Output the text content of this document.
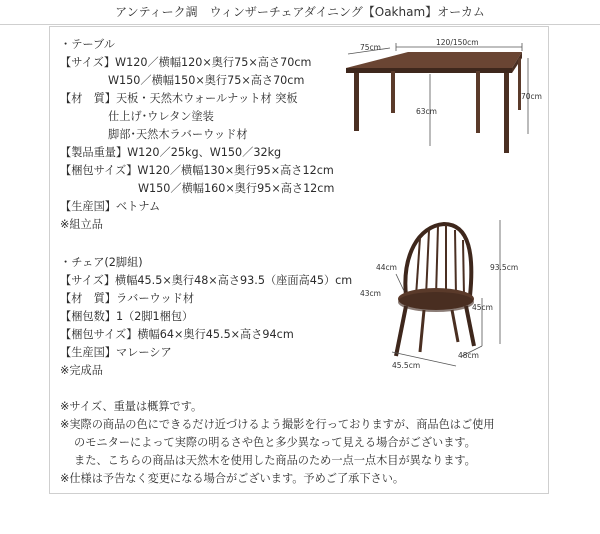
アンティーク調　ウィンザーチェアダイニング【Oakham】オーカム
・テーブル
【サイズ】W120／横幅120×奥行75×高さ70cm
W150／横幅150×奥行75×高さ70cm
【材　質】天板・天然木ウォールナット材 突板
仕上げ･ウレタン塗装
脚部･天然木ラバーウッド材
【製品重量】W120／25kg、W150／32kg
【梱包サイズ】W120／横幅130×奥行95×高さ12cm
W150／横幅160×奥行95×高さ12cm
【生産国】ベトナム
※組立品
・チェア(2脚組)
【サイズ】横幅45.5×奥行48×高さ93.5（座面高45）cm
【材　質】ラバーウッド材
【梱包数】1（2脚1梱包）
【梱包サイズ】横幅64×奥行45.5×高さ94cm
【生産国】マレーシア
※完成品
※サイズ、重量は概算です。
※実際の商品の色にできるだけ近づけるよう撮影を行っておりますが、商品色はご使用
のモニターによって実際の明るさや色と多少異なって見える場合がございます。
また、こちらの商品は天然木を使用した商品のため一点一点木目が異なります。
※仕様は予告なく変更になる場合がございます。予めご了承下さい。
75cm
120/150cm
63cm
70cm
44cm
43cm
93.5cm
45cm
48cm
45.5cm
